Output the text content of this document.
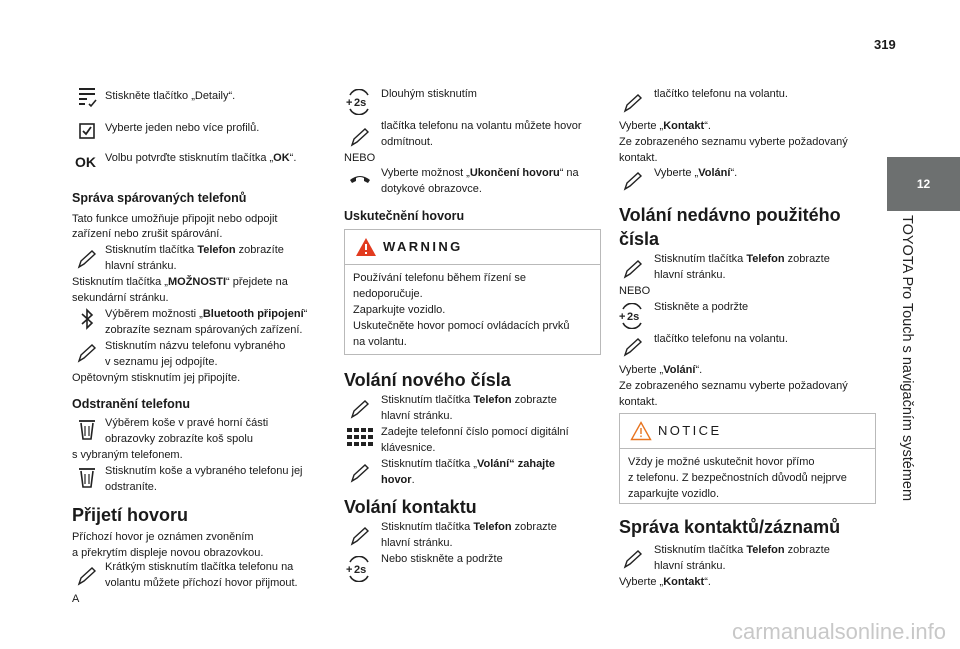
319
12
TOYOTA Pro Touch s navigačním systémem
Stiskněte tlačítko „Detaily“.
Vyberte jeden nebo více profilů.
OK Volbu potvrďte stisknutím tlačítka „OK“.
Správa spárovaných telefonů
Tato funkce umožňuje připojit nebo odpojit
zařízení nebo zrušit spárování.
Stisknutím tlačítka Telefon zobrazíte
hlavní stránku.
Stisknutím tlačítka „MOŽNOSTI“ přejdete na
sekundární stránku.
Výběrem možnosti „Bluetooth připojení“
zobrazíte seznam spárovaných zařízení.
Stisknutím názvu telefonu vybraného
v seznamu jej odpojíte.
Opětovným stisknutím jej připojíte.
Odstranění telefonu
Výběrem koše v pravé horní části
obrazovky zobrazíte koš spolu
s vybraným telefonem.
Stisknutím koše a vybraného telefonu jej
odstraníte.
Přijetí hovoru
Příchozí hovor je oznámen zvoněním
a překrytím displeje novou obrazovkou.
Krátkým stisknutím tlačítka telefonu na
volantu můžete příchozí hovor přijmout.
A
+ 2s
Dlouhým stisknutím
tlačítka telefonu na volantu můžete hovor
odmítnout.
NEBO
Vyberte možnost „Ukončení hovoru“ na
dotykové obrazovce.
Uskutečnění hovoru
WARNING
Používání telefonu během řízení se
nedoporučuje.
Zaparkujte vozidlo.
Uskutečněte hovor pomocí ovládacích prvků
na volantu.
Volání nového čísla
Stisknutím tlačítka Telefon zobrazte
hlavní stránku.
Zadejte telefonní číslo pomocí digitální
klávesnice.
Stisknutím tlačítka „Volání“ zahajte
hovor.
Volání kontaktu
Stisknutím tlačítka Telefon zobrazte
hlavní stránku.
+ 2s
Nebo stiskněte a podržte
tlačítko telefonu na volantu.
Vyberte „Kontakt“.
Ze zobrazeného seznamu vyberte požadovaný
kontakt.
Vyberte „Volání“.
Volání nedávno použitého
čísla
Stisknutím tlačítka Telefon zobrazte
hlavní stránku.
NEBO
+ 2s
Stiskněte a podržte
tlačítko telefonu na volantu.
Vyberte „Volání“.
Ze zobrazeného seznamu vyberte požadovaný
kontakt.
NOTICE
Vždy je možné uskutečnit hovor přímo
z telefonu. Z bezpečnostních důvodů nejprve
zaparkujte vozidlo.
Správa kontaktů/záznamů
Stisknutím tlačítka Telefon zobrazte
hlavní stránku.
Vyberte „Kontakt“.
carmanualsonline.info
